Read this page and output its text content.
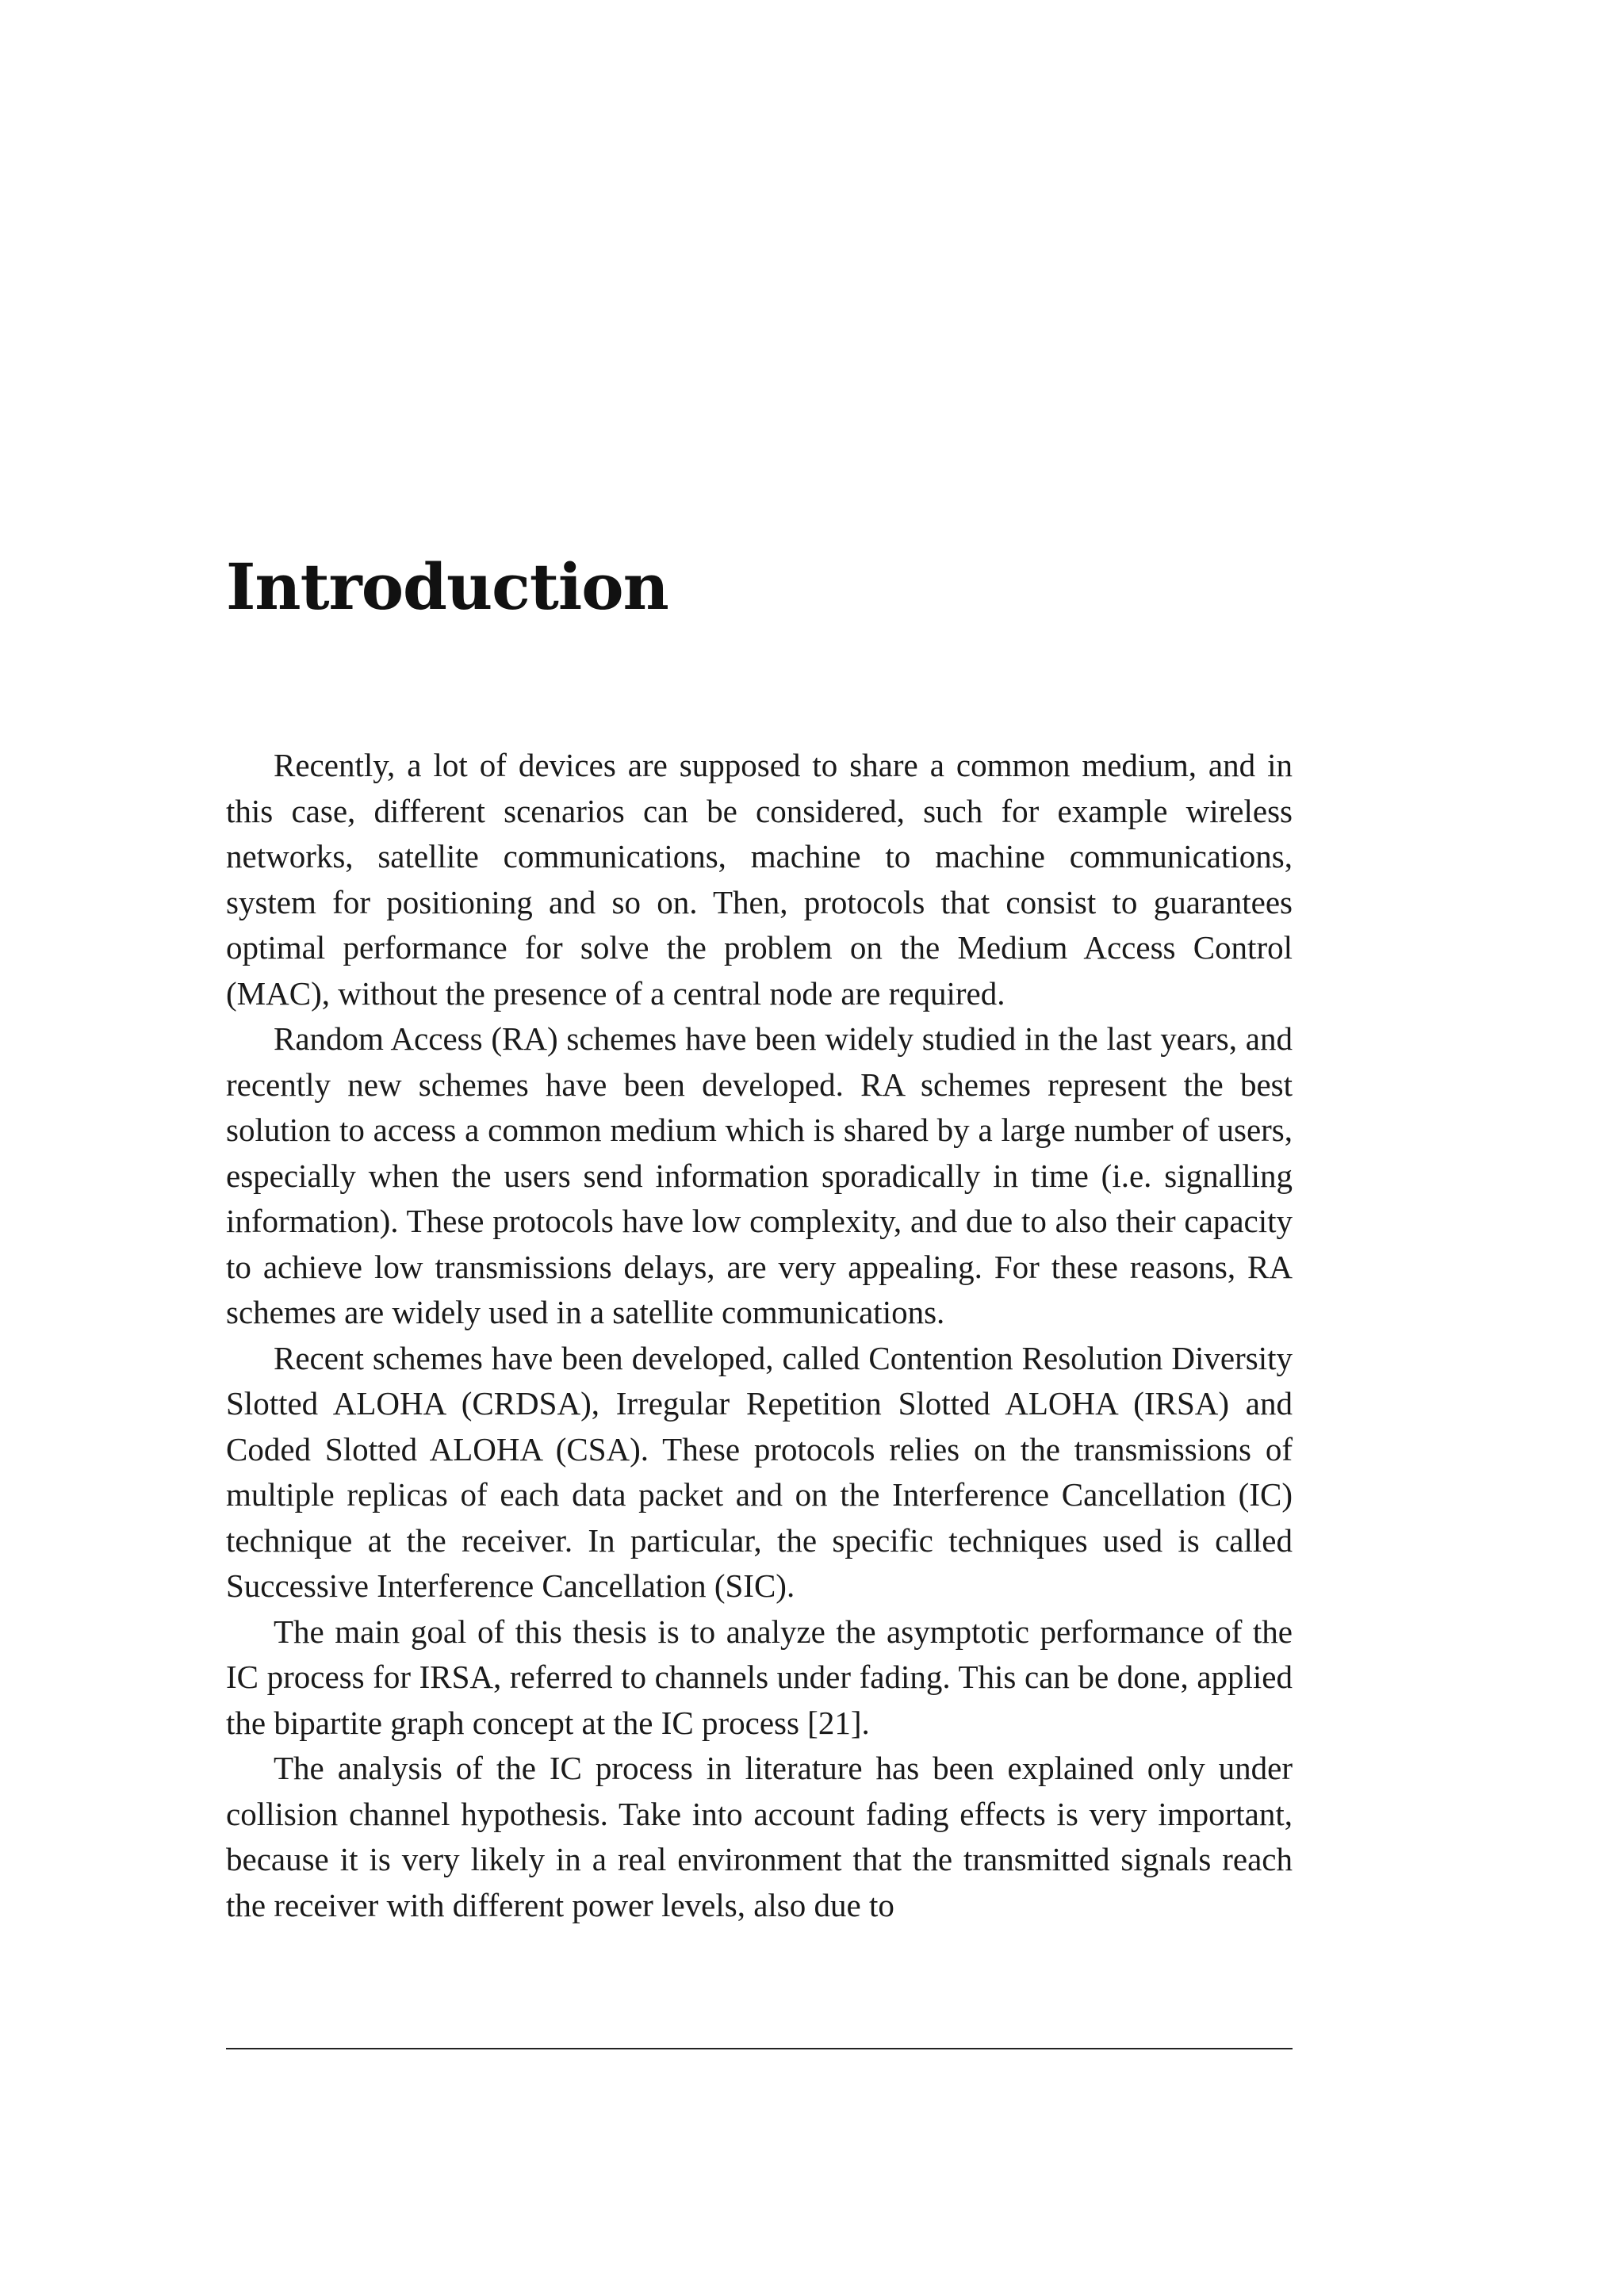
Introduction

Recently, a lot of devices are supposed to share a common medium, and in this case, different scenarios can be considered, such for example wireless networks, satellite communications, machine to machine communications, system for positioning and so on. Then, protocols that consist to guarantees optimal performance for solve the problem on the Medium Access Control (MAC), without the presence of a central node are required.

Random Access (RA) schemes have been widely studied in the last years, and recently new schemes have been developed. RA schemes represent the best solution to access a common medium which is shared by a large number of users, especially when the users send information sporadically in time (i.e. signalling information). These protocols have low complexity, and due to also their capacity to achieve low transmissions delays, are very appealing. For these reasons, RA schemes are widely used in a satellite communications.

Recent schemes have been developed, called Contention Resolution Diversity Slotted ALOHA (CRDSA), Irregular Repetition Slotted ALOHA (IRSA) and Coded Slotted ALOHA (CSA). These protocols relies on the transmissions of multiple replicas of each data packet and on the Interference Cancellation (IC) technique at the receiver. In particular, the specific techniques used is called Successive Interference Cancellation (SIC).

The main goal of this thesis is to analyze the asymptotic performance of the IC process for IRSA, referred to channels under fading. This can be done, applied the bipartite graph concept at the IC process [21].

The analysis of the IC process in literature has been explained only under collision channel hypothesis. Take into account fading effects is very important, because it is very likely in a real environment that the transmitted signals reach the receiver with different power levels, also due to
